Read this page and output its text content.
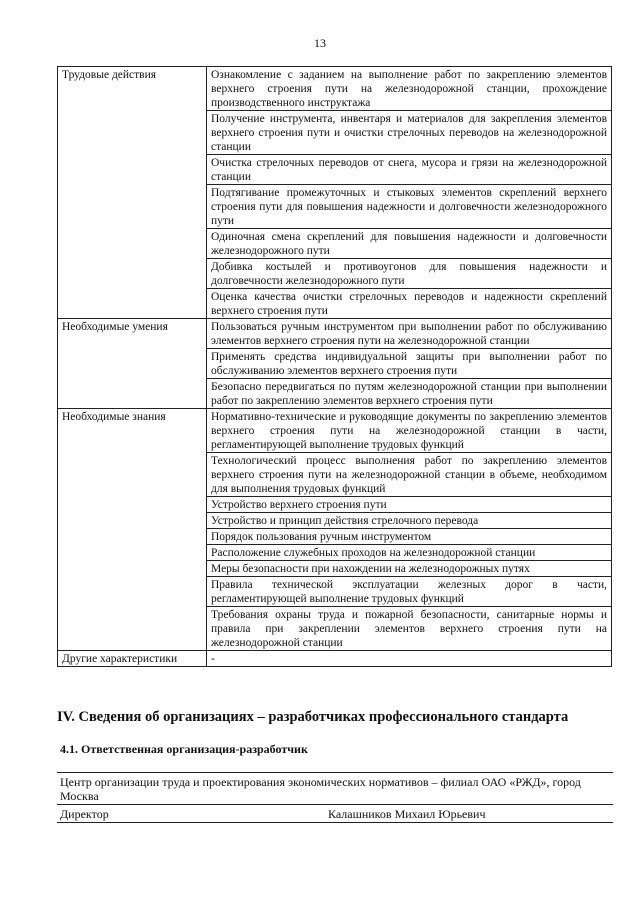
13
Трудовые действия	Ознакомление с заданием на выполнение работ по закреплению элементов верхнего строения пути на железнодорожной станции, прохождение производственного инструктажа
	Получение инструмента, инвентаря и материалов для закрепления элементов верхнего строения пути и очистки стрелочных переводов на железнодорожной станции
	Очистка стрелочных переводов от снега, мусора и грязи на железнодорожной станции
	Подтягивание промежуточных и стыковых элементов скреплений верхнего строения пути для повышения надежности и долговечности железнодорожного пути
	Одиночная смена скреплений для повышения надежности и долговечности железнодорожного пути
	Добивка костылей и противоугонов для повышения надежности и долговечности железнодорожного пути
	Оценка качества очистки стрелочных переводов и надежности скреплений верхнего строения пути
Необходимые умения	Пользоваться ручным инструментом при выполнении работ по обслуживанию элементов верхнего строения пути на железнодорожной станции
	Применять средства индивидуальной защиты при выполнении работ по обслуживанию элементов верхнего строения пути
	Безопасно передвигаться по путям железнодорожной станции при выполнении работ по закреплению элементов верхнего строения пути
Необходимые знания	Нормативно-технические и руководящие документы по закреплению элементов верхнего строения пути на железнодорожной станции в части, регламентирующей выполнение трудовых функций
	Технологический процесс выполнения работ по закреплению элементов верхнего строения пути на железнодорожной станции в объеме, необходимом для выполнения трудовых функций
	Устройство верхнего строения пути
	Устройство и принцип действия стрелочного перевода
	Порядок пользования ручным инструментом
	Расположение служебных проходов на железнодорожной станции
	Меры безопасности при нахождении на железнодорожных путях
	Правила технической эксплуатации железных дорог в части, регламентирующей выполнение трудовых функций
	Требования охраны труда и пожарной безопасности, санитарные нормы и правила при закреплении элементов верхнего строения пути на железнодорожной станции
Другие характеристики	-
IV. Сведения об организациях – разработчиках профессионального стандарта
4.1. Ответственная организация-разработчик
Центр организации труда и проектирования экономических нормативов – филиал ОАО «РЖД», город Москва
Директор	Калашников Михаил Юрьевич
